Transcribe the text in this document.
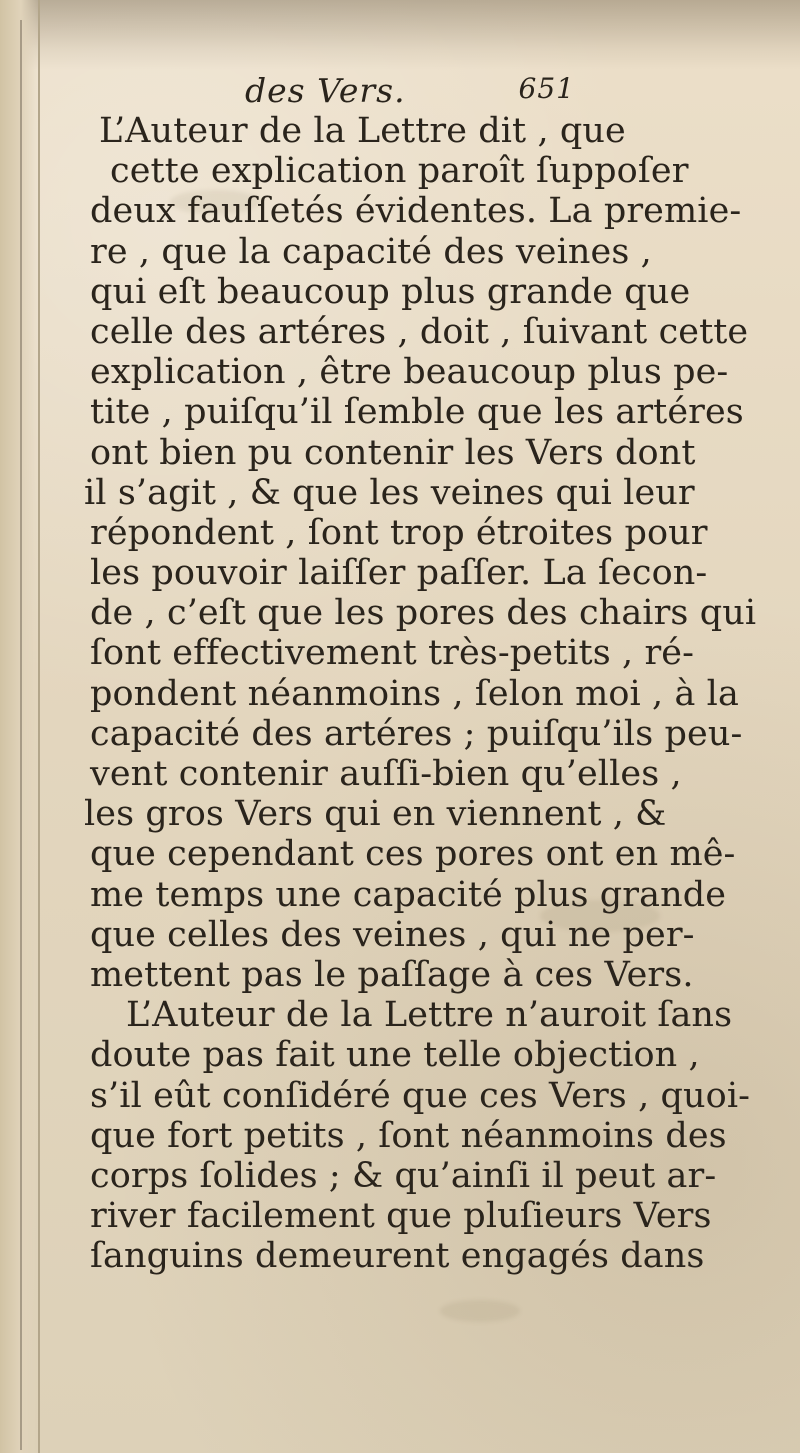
des Vers.	651
L’Auteur de la Lettre dit , que
cette explication paroît ſuppoſer
deux fauſſetés évidentes. La premie-
re , que la capacité des veines ,
qui eſt beaucoup plus grande que
celle des artéres , doit , ſuivant cette
explication , être beaucoup plus pe-
tite , puiſqu’il ſemble que les artéres
ont bien pu contenir les Vers dont
il s’agit , & que les veines qui leur
répondent , ſont trop étroites pour
les pouvoir laiſſer paſſer. La ſecon-
de , c’eſt que les pores des chairs qui
ſont effectivement très-petits , ré-
pondent néanmoins , ſelon moi , à la
capacité des artéres ; puiſqu’ils peu-
vent contenir auſſi-bien qu’elles ,
les gros Vers qui en viennent , &
que cependant ces pores ont en mê-
me temps une capacité plus grande
que celles des veines , qui ne per-
mettent pas le paſſage à ces Vers.
L’Auteur de la Lettre n’auroit ſans
doute pas fait une telle objection ,
s’il eût conſidéré que ces Vers , quoi-
que fort petits , ſont néanmoins des
corps ſolides ; & qu’ainſi il peut ar-
river facilement que pluſieurs Vers
ſanguins demeurent engagés dans
